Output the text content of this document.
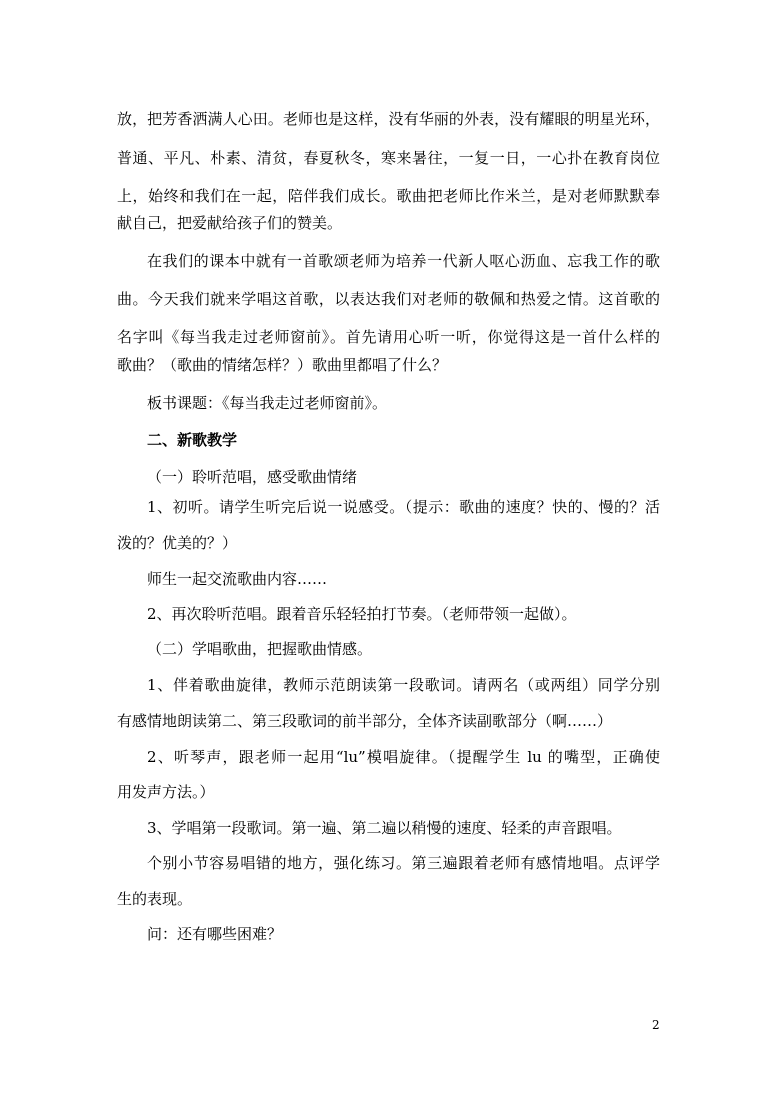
放，把芳香洒满人心田。老师也是这样，没有华丽的外表，没有耀眼的明星光环，
普通、平凡、朴素、清贫，春夏秋冬，寒来暑往，一复一日，一心扑在教育岗位
上，始终和我们在一起，陪伴我们成长。歌曲把老师比作米兰，是对老师默默奉
献自己，把爱献给孩子们的赞美。
在我们的课本中就有一首歌颂老师为培养一代新人呕心沥血、忘我工作的歌
曲。今天我们就来学唱这首歌，以表达我们对老师的敬佩和热爱之情。这首歌的
名字叫《每当我走过老师窗前》。首先请用心听一听，你觉得这是一首什么样的
歌曲？（歌曲的情绪怎样？）歌曲里都唱了什么？
板书课题：《每当我走过老师窗前》。
二、新歌教学
（一）聆听范唱，感受歌曲情绪
1、初听。请学生听完后说一说感受。（提示：歌曲的速度？快的、慢的？活
泼的？优美的？）
师生一起交流歌曲内容……
2、再次聆听范唱。跟着音乐轻轻拍打节奏。（老师带领一起做）。
（二）学唱歌曲，把握歌曲情感。
1、伴着歌曲旋律，教师示范朗读第一段歌词。请两名（或两组）同学分别
有感情地朗读第二、第三段歌词的前半部分，全体齐读副歌部分（啊……）
2、听琴声，跟老师一起用“lu”模唱旋律。（提醒学生 lu 的嘴型，正确使
用发声方法。）
3、学唱第一段歌词。第一遍、第二遍以稍慢的速度、轻柔的声音跟唱。
个别小节容易唱错的地方，强化练习。第三遍跟着老师有感情地唱。点评学
生的表现。
问：还有哪些困难？
2
